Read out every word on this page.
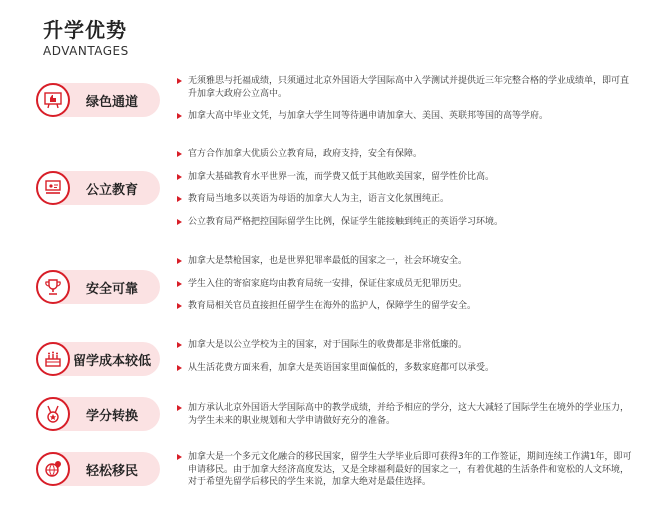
升学优势
ADVANTAGES
绿色通道
无须雅思与托福成绩，只须通过北京外国语大学国际高中入学测试并提供近三年完整合格的学业成绩单，即可直升加拿大政府公立高中。
加拿大高中毕业文凭，与加拿大学生同等待遇申请加拿大、美国、英联邦等国的高等学府。
公立教育
官方合作加拿大优质公立教育局，政府支持，安全有保障。
加拿大基础教育水平世界一流，而学费又低于其他欧美国家，留学性价比高。
教育局当地多以英语为母语的加拿大人为主，语言文化氛围纯正。
公立教育局严格把控国际留学生比例，保证学生能接触到纯正的英语学习环境。
安全可靠
加拿大是禁枪国家，也是世界犯罪率最低的国家之一，社会环境安全。
学生入住的寄宿家庭均由教育局统一安排，保证住家成员无犯罪历史。
教育局相关官员直接担任留学生在海外的监护人，保障学生的留学安全。
留学成本较低
加拿大是以公立学校为主的国家，对于国际生的收费都是非常低廉的。
从生活花费方面来看，加拿大是英语国家里面偏低的，多数家庭都可以承受。
学分转换
加方承认北京外国语大学国际高中的教学成绩，并给予相应的学分，这大大减轻了国际学生在境外的学业压力，为学生未来的职业规划和大学申请做好充分的准备。
轻松移民
加拿大是一个多元文化融合的移民国家，留学生大学毕业后即可获得3年的工作签证，期间连续工作满1年，即可申请移民。由于加拿大经济高度发达，又是全球福利最好的国家之一，有着优越的生活条件和宽松的人文环境，对于希望先留学后移民的学生来说，加拿大绝对是最佳选择。
